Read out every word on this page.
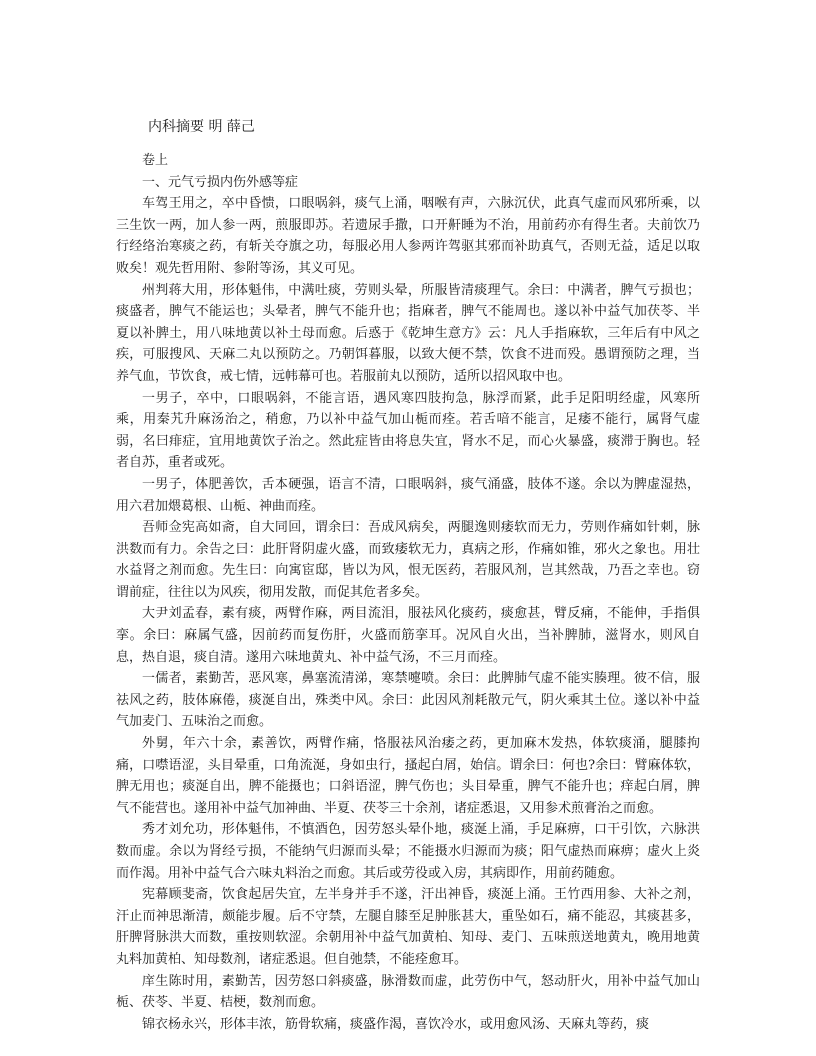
内科摘要 明 薛己

卷上

一、元气亏损内伤外感等症

车驾王用之，卒中昏愦，口眼㖞斜，痰气上涌，咽喉有声，六脉沉伏，此真气虚而风邪所乘，以三生饮一两，加人参一两，煎服即苏。若遗尿手撒，口开鼾睡为不治，用前药亦有得生者。夫前饮乃行经络治寒痰之药，有斩关夺旗之功，每服必用人参两许驾驱其邪而补助真气，否则无益，适足以取败矣！观先哲用附、参附等汤，其义可见。

州判蒋大用，形体魁伟，中满吐痰，劳则头晕，所服皆清痰理气。余曰：中满者，脾气亏损也；痰盛者，脾气不能运也；头晕者，脾气不能升也；指麻者，脾气不能周也。遂以补中益气加茯苓、半夏以补脾土，用八味地黄以补土母而愈。后惑于《乾坤生意方》云：凡人手指麻软，三年后有中风之疾，可服搜风、天麻二丸以预防之。乃朝饵暮服，以致大便不禁，饮食不进而殁。愚谓预防之理，当养气血，节饮食，戒七情，远帏幕可也。若服前丸以预防，适所以招风取中也。

一男子，卒中，口眼㖞斜，不能言语，遇风寒四肢拘急，脉浮而紧，此手足阳明经虚，风寒所乘，用秦艽升麻汤治之，稍愈，乃以补中益气加山栀而痊。若舌喑不能言，足痿不能行，属肾气虚弱，名曰痱症，宜用地黄饮子治之。然此症皆由将息失宜，肾水不足，而心火暴盛，痰滞于胸也。轻者自苏，重者或死。

一男子，体肥善饮，舌本硬强，语言不清，口眼㖞斜，痰气涌盛，肢体不遂。余以为脾虚湿热，用六君加煨葛根、山栀、神曲而痊。

吾师佥宪高如斋，自大同回，谓余曰：吾成风病矣，两腿逸则痿软而无力，劳则作痛如针刺，脉洪数而有力。余告之曰：此肝肾阴虚火盛，而致痿软无力，真病之形，作痛如锥，邪火之象也。用壮水益肾之剂而愈。先生曰：向寓宦邸，皆以为风，恨无医药，若服风剂，岂其然哉，乃吾之幸也。窃谓前症，往往以为风疾，彻用发散，而促其危者多矣。

大尹刘孟春，素有痰，两臂作麻，两目流泪，服祛风化痰药，痰愈甚，臂反痛，不能伸，手指俱挛。余曰：麻属气盛，因前药而复伤肝，火盛而筋挛耳。况风自火出，当补脾肺，滋肾水，则风自息，热自退，痰自清。遂用六味地黄丸、补中益气汤，不三月而痊。

一儒者，素勤苦，恶风寒，鼻塞流清涕，寒禁嚏喷。余曰：此脾肺气虚不能实腠理。彼不信，服祛风之药，肢体麻倦，痰涎自出，殊类中风。余曰：此因风剂耗散元气，阴火乘其土位。遂以补中益气加麦门、五味治之而愈。

外舅，年六十余，素善饮，两臂作痛，恪服祛风治痿之药，更加麻木发热，体软痰涌，腿膝拘痛，口噤语涩，头目晕重，口角流涎，身如虫行，搔起白屑，始信。谓余曰：何也?余曰：臂麻体软，脾无用也；痰涎自出，脾不能摄也；口斜语涩，脾气伤也；头目晕重，脾气不能升也；痒起白屑，脾气不能营也。遂用补中益气加神曲、半夏、茯苓三十余剂，诸症悉退，又用参术煎膏治之而愈。

秀才刘允功，形体魁伟，不慎酒色，因劳怒头晕仆地，痰涎上涌，手足麻痹，口干引饮，六脉洪数而虚。余以为肾经亏损，不能纳气归源而头晕；不能摄水归源而为痰；阳气虚热而麻痹；虚火上炎而作渴。用补中益气合六味丸料治之而愈。其后或劳役或入房，其病即作，用前药随愈。

宪幕顾斐斋，饮食起居失宜，左半身并手不遂，汗出神昏，痰涎上涌。王竹西用参、大补之剂，汗止而神思渐清，颇能步履。后不守禁，左腿自膝至足肿胀甚大，重坠如石，痛不能忍，其痰甚多，肝脾肾脉洪大而数，重按则软涩。余朝用补中益气加黄柏、知母、麦门、五味煎送地黄丸，晚用地黄丸料加黄柏、知母数剂，诸症悉退。但自弛禁，不能痊愈耳。

庠生陈时用，素勤苦，因劳怒口斜痰盛，脉滑数而虚，此劳伤中气，怒动肝火，用补中益气加山栀、茯苓、半夏、桔梗，数剂而愈。

锦衣杨永兴，形体丰浓，筋骨软痛，痰盛作渴，喜饮冷水，或用愈风汤、天麻丸等药，痰
